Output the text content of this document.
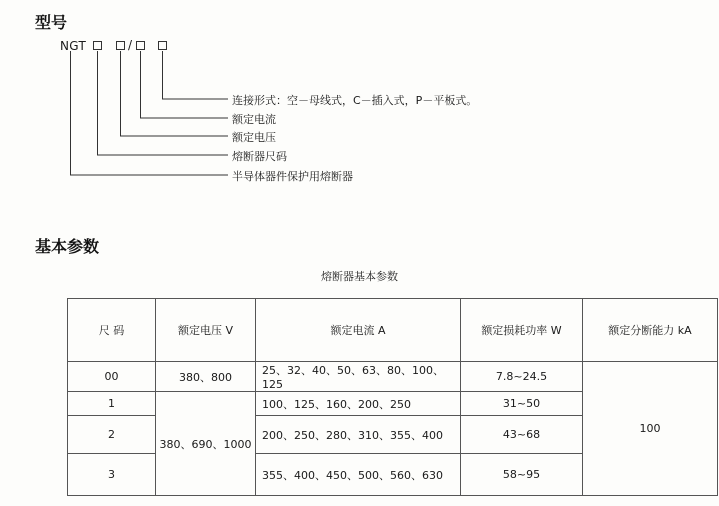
型号
NGT	/
连接形式：空－母线式，C－插入式，P－平板式。
额定电流
额定电压
熔断器尺码
半导体器件保护用熔断器
基本参数
熔断器基本参数
尺 码	额定电压 V	额定电流 A	额定损耗功率 W	额定分断能力 kA
00	380、800	25、32、40、50、63、80、100、125	7.8~24.5	100
1	380、690、1000	100、125、160、200、250	31~50	
2		200、250、280、310、355、400	43~68	
3		355、400、450、500、560、630	58~95	
